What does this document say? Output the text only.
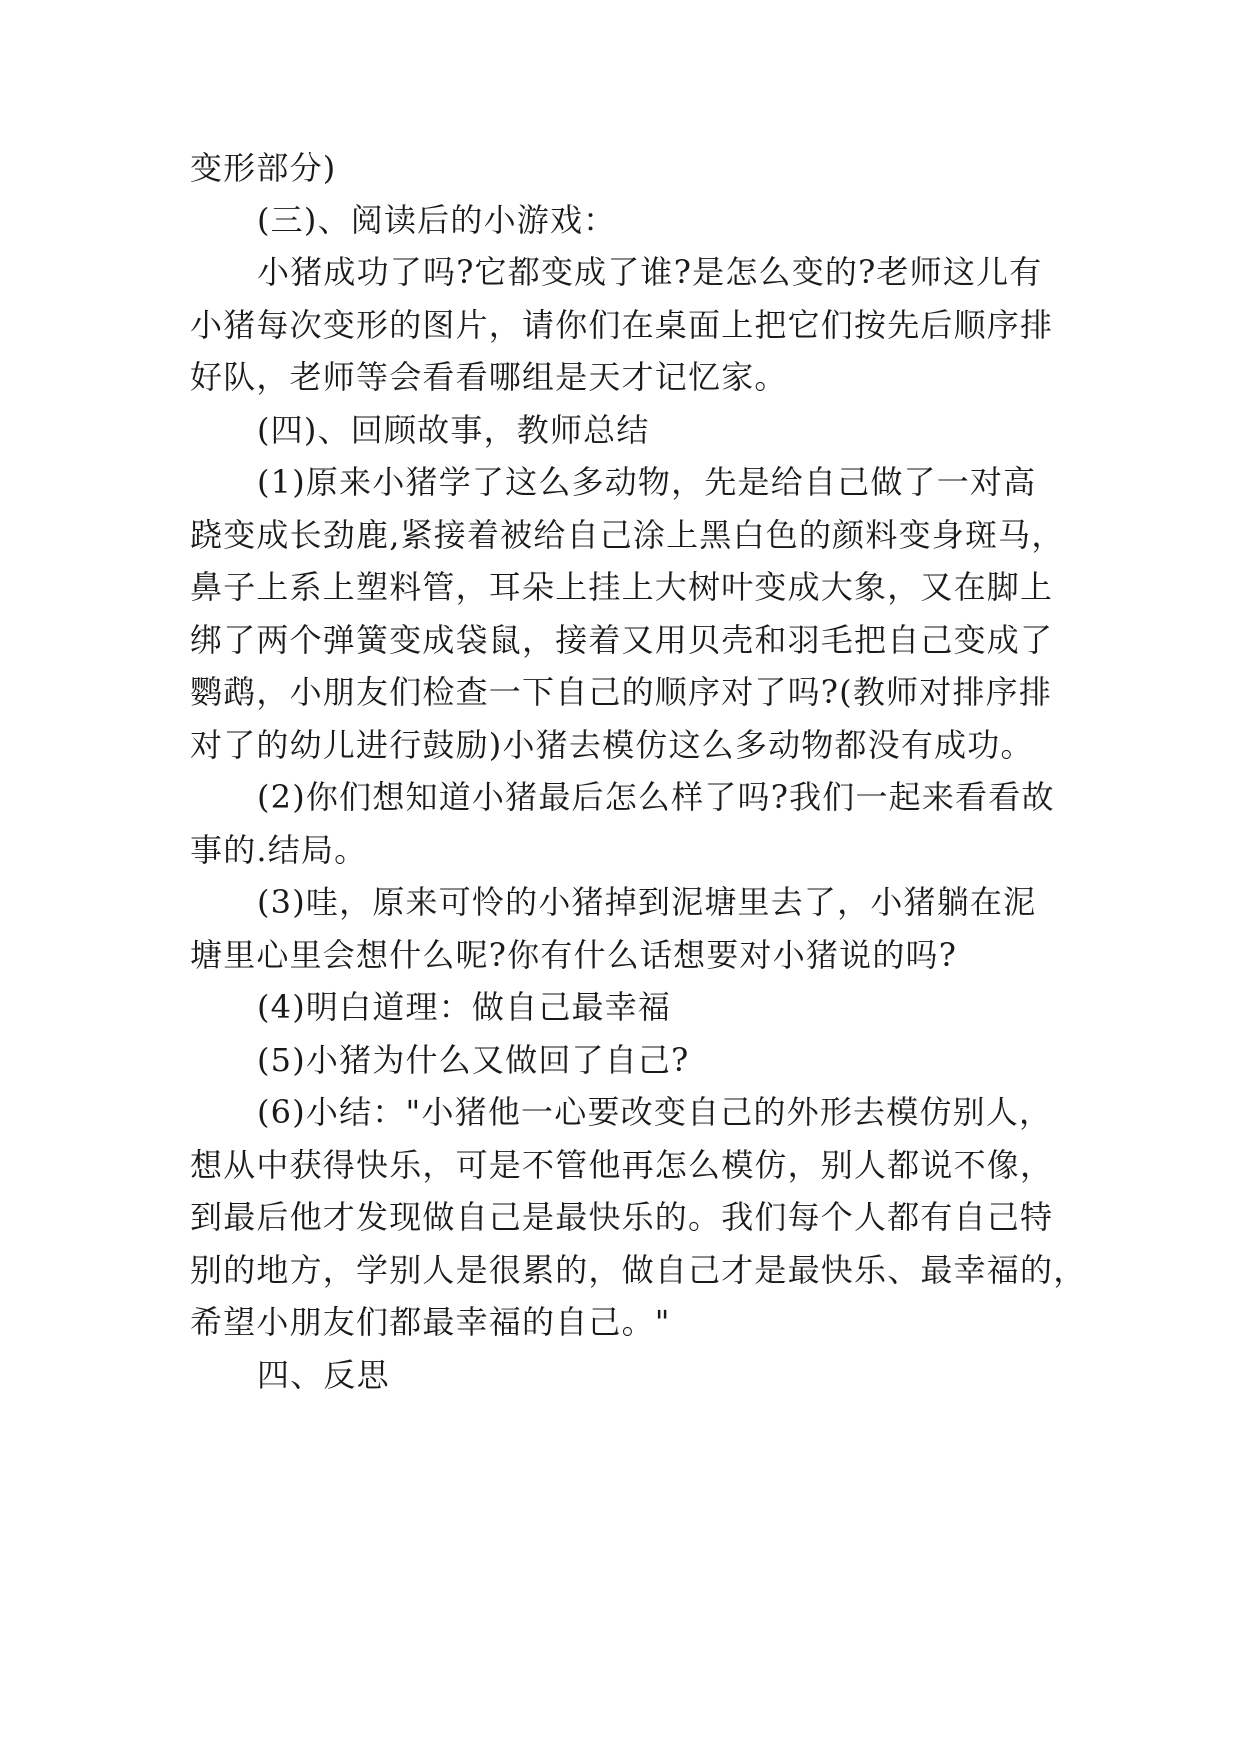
变形部分)
(三)、阅读后的小游戏：
小猪成功了吗?它都变成了谁?是怎么变的?老师这儿有
小猪每次变形的图片，请你们在桌面上把它们按先后顺序排
好队，老师等会看看哪组是天才记忆家。
(四)、回顾故事，教师总结
(1)原来小猪学了这么多动物，先是给自己做了一对高
跷变成长劲鹿,紧接着被给自己涂上黑白色的颜料变身斑马，
鼻子上系上塑料管，耳朵上挂上大树叶变成大象，又在脚上
绑了两个弹簧变成袋鼠，接着又用贝壳和羽毛把自己变成了
鹦鹉，小朋友们检查一下自己的顺序对了吗?(教师对排序排
对了的幼儿进行鼓励)小猪去模仿这么多动物都没有成功。
(2)你们想知道小猪最后怎么样了吗?我们一起来看看故
事的.结局。
(3)哇，原来可怜的小猪掉到泥塘里去了，小猪躺在泥
塘里心里会想什么呢?你有什么话想要对小猪说的吗?
(4)明白道理：做自己最幸福
(5)小猪为什么又做回了自己?
(6)小结："小猪他一心要改变自己的外形去模仿别人，
想从中获得快乐，可是不管他再怎么模仿，别人都说不像，
到最后他才发现做自己是最快乐的。我们每个人都有自己特
别的地方，学别人是很累的，做自己才是最快乐、最幸福的，
希望小朋友们都最幸福的自己。"
四、反思
